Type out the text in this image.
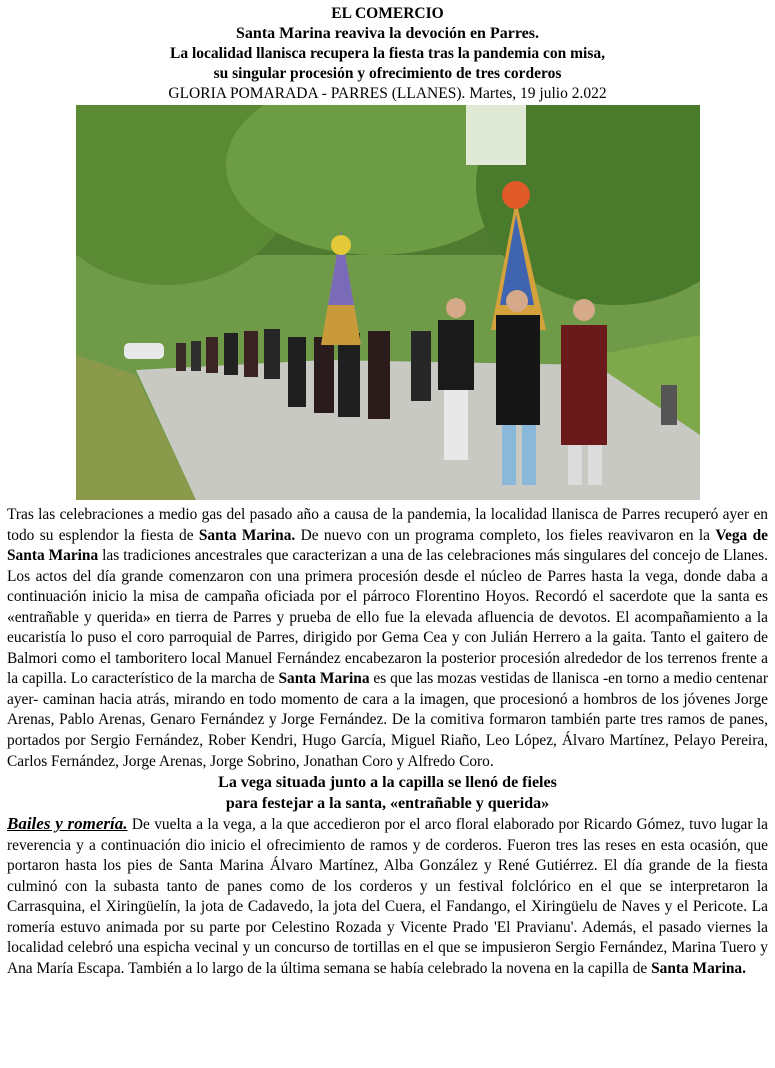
EL COMERCIO

Santa Marina reaviva la devoción en Parres.

La localidad llanisca recupera la fiesta tras la pandemia con misa,

su singular procesión y ofrecimiento de tres corderos

GLORIA POMARADA - PARRES (LLANES). Martes, 19 julio 2.022

Tras las celebraciones a medio gas del pasado año a causa de la pandemia, la localidad llanisca de Parres recuperó ayer en todo su esplendor la fiesta de Santa Marina. De nuevo con un programa completo, los fieles reavivaron en la Vega de Santa Marina las tradiciones ancestrales que caracterizan a una de las celebraciones más singulares del concejo de Llanes. Los actos del día grande comenzaron con una primera procesión desde el núcleo de Parres hasta la vega, donde daba a continuación inicio la misa de campaña oficiada por el párroco Florentino Hoyos. Recordó el sacerdote que la santa es «entrañable y querida» en tierra de Parres y prueba de ello fue la elevada afluencia de devotos. El acompañamiento a la eucaristía lo puso el coro parroquial de Parres, dirigido por Gema Cea y con Julián Herrero a la gaita. Tanto el gaitero de Balmori como el tamboritero local Manuel Fernández encabezaron la posterior procesión alrededor de los terrenos frente a la capilla. Lo característico de la marcha de Santa Marina es que las mozas vestidas de llanisca -en torno a medio centenar ayer- caminan hacia atrás, mirando en todo momento de cara a la imagen, que procesionó a hombros de los jóvenes Jorge Arenas, Pablo Arenas, Genaro Fernández y Jorge Fernández. De la comitiva formaron también parte tres ramos de panes, portados por Sergio Fernández, Rober Kendri, Hugo García, Miguel Riaño, Leo López, Álvaro Martínez, Pelayo Pereira, Carlos Fernández, Jorge Arenas, Jorge Sobrino, Jonathan Coro y Alfredo Coro.

La vega situada junto a la capilla se llenó de fieles

para festejar a la santa, «entrañable y querida»

Bailes y romería. De vuelta a la vega, a la que accedieron por el arco floral elaborado por Ricardo Gómez, tuvo lugar la reverencia y a continuación dio inicio el ofrecimiento de ramos y de corderos. Fueron tres las reses en esta ocasión, que portaron hasta los pies de Santa Marina Álvaro Martínez, Alba González y René Gutiérrez. El día grande de la fiesta culminó con la subasta tanto de panes como de los corderos y un festival folclórico en el que se interpretaron la Carrasquina, el Xiringüelín, la jota de Cadavedo, la jota del Cuera, el Fandango, el Xiringüelu de Naves y el Pericote. La romería estuvo animada por su parte por Celestino Rozada y Vicente Prado 'El Pravianu'. Además, el pasado viernes la localidad celebró una espicha vecinal y un concurso de tortillas en el que se impusieron Sergio Fernández, Marina Tuero y Ana María Escapa. También a lo largo de la última semana se había celebrado la novena en la capilla de Santa Marina.
